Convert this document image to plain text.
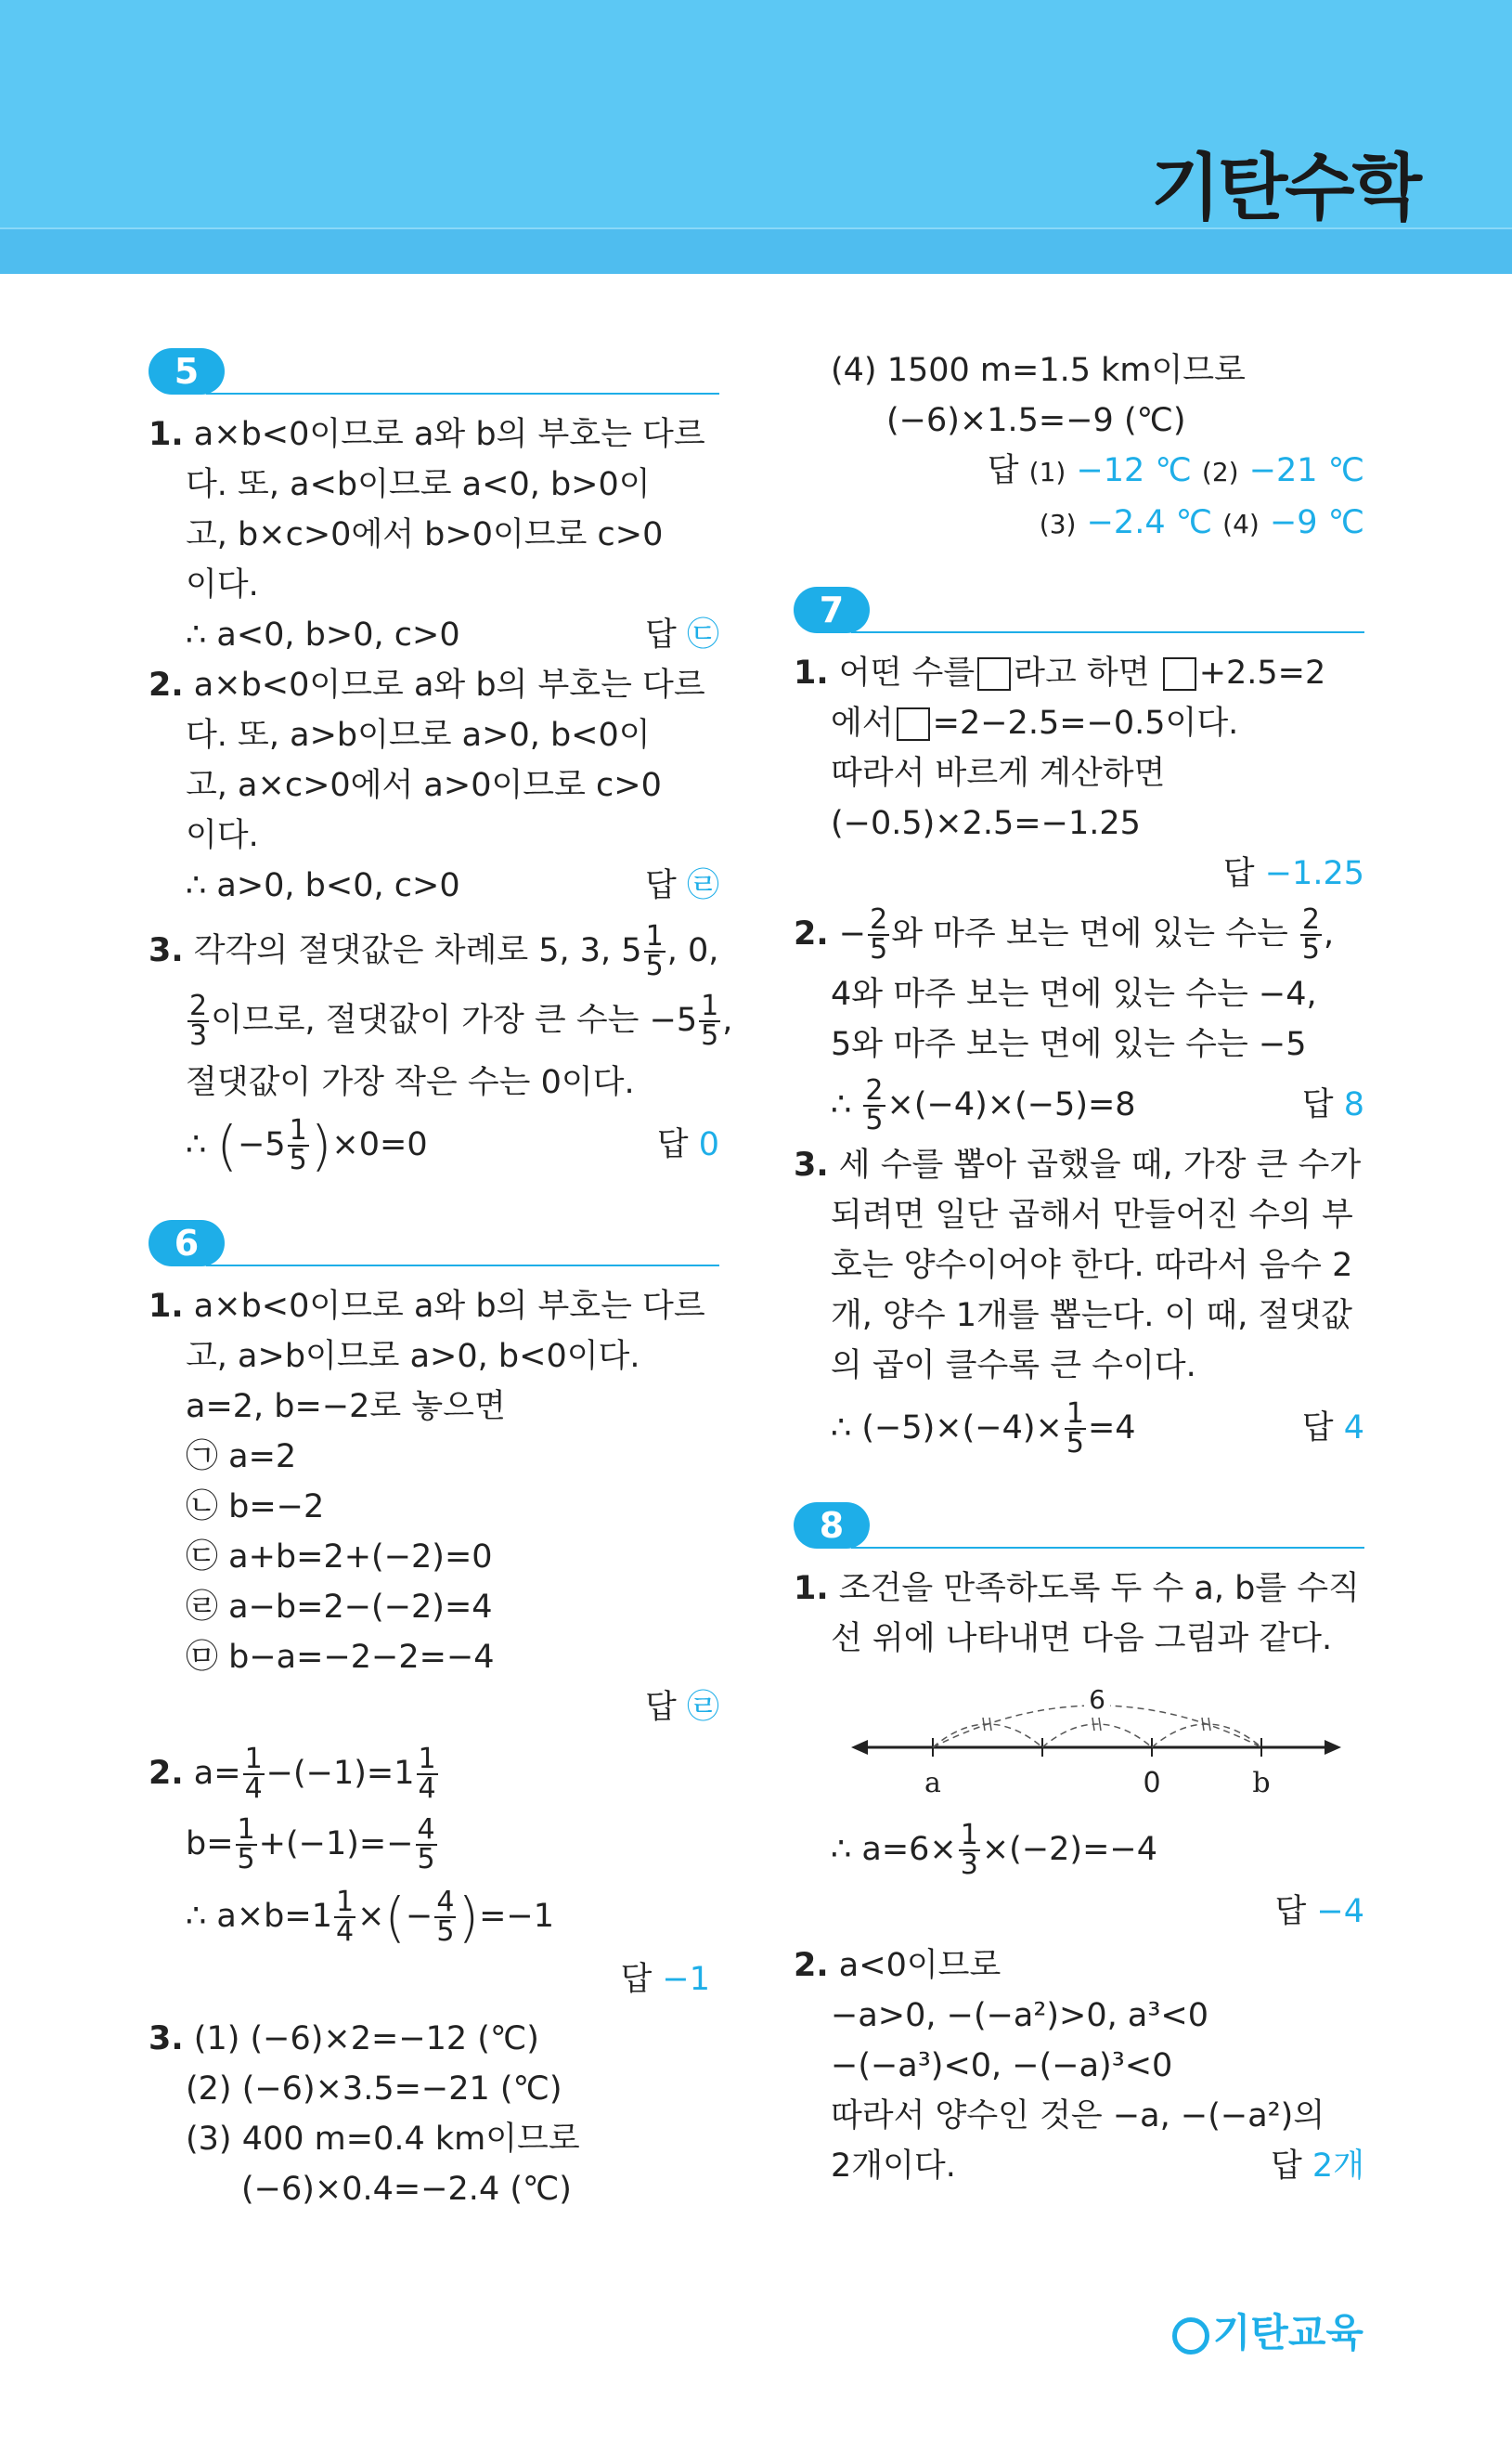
기탄수학
5
1. a×b<0이므로 a와 b의 부호는 다르
다. 또, a<b이므로 a<0, b>0이
고, b×c>0에서 b>0이므로 c>0
이다.
∴ a<0, b>0, c>0	답 ㉢
2. a×b<0이므로 a와 b의 부호는 다르
다. 또, a>b이므로 a>0, b<0이
고, a×c>0에서 a>0이므로 c>0
이다.
∴ a>0, b<0, c>0	답 ㉣
3. 각각의 절댓값은 차례로 5, 3, $5 \frac{1}{5}$ , 0,
$\frac{2}{3}$ 이므로, 절댓값이 가장 큰 수는 $-5 \frac{1}{5}$ ,
절댓값이 가장 작은 수는 0이다.
∴ $(-5 \frac{1}{5} )\times 0=0$	답 0
6
1. a×b<0이므로 a와 b의 부호는 다르
고, a>b이므로 a>0, b<0이다.
a=2, b=−2로 놓으면
㉠ a=2
㉡ b=−2
㉢ a+b=2+(−2)=0
㉣ a−b=2−(−2)=4
㉤ b−a=−2−2=−4
답 ㉣
2. $a= \frac{1}{4} -(-1)=1 \frac{1}{4}$
$b= \frac{1}{5} +(-1)=- \frac{4}{5}$
∴ $a\times b=1 \frac{1}{4}$ ×(− $\frac{4}{5} )=-1$
답 −1
3. (1) (−6)×2=−12 (℃)
(2) (−6)×3.5=−21 (℃)
(3) 400 m=0.4 km이므로
(−6)×0.4=−2.4 (℃)
(4) 1500 m=1.5 km이므로
(−6)×1.5=−9 (℃)
답 (1) −12 ℃ (2) −21 ℃
(3) −2.4 ℃ (4) −9 ℃
7
1. 어떤 수를 라고 하면 +2.5=2
에서 =2−2.5=−0.5이다.
따라서 바르게 계산하면
(−0.5)×2.5=−1.25
답 −1.25
2. − $\frac{2}{5}$ 와 마주 보는 면에 있는 수는 $\frac{2}{5}$ ,
4와 마주 보는 면에 있는 수는 −4,
5와 마주 보는 면에 있는 수는 −5
∴ $\frac{2}{5} \times(-4)\times(-5)=8$	답 8
3. 세 수를 뽑아 곱했을 때, 가장 큰 수가
되려면 일단 곱해서 만들어진 수의 부
호는 양수이어야 한다. 따라서 음수 2
개, 양수 1개를 뽑는다. 이 때, 절댓값
의 곱이 클수록 큰 수이다.
∴ $(-5)\times(-4)\times \frac{1}{5} =4$	답 4
8
1. 조건을 만족하도록 두 수 a, b를 수직
선 위에 나타내면 다음 그림과 같다.
6
a	0	b
∴ $a=6\times \frac{1}{3} \times(-2)=-4$
답 −4
2. a<0이므로
−a>0, −(−a²)>0, a³<0
−(−a³)<0, −(−a)³<0
따라서 양수인 것은 −a, −(−a²)의
2개이다.	답 2개
기탄교육
